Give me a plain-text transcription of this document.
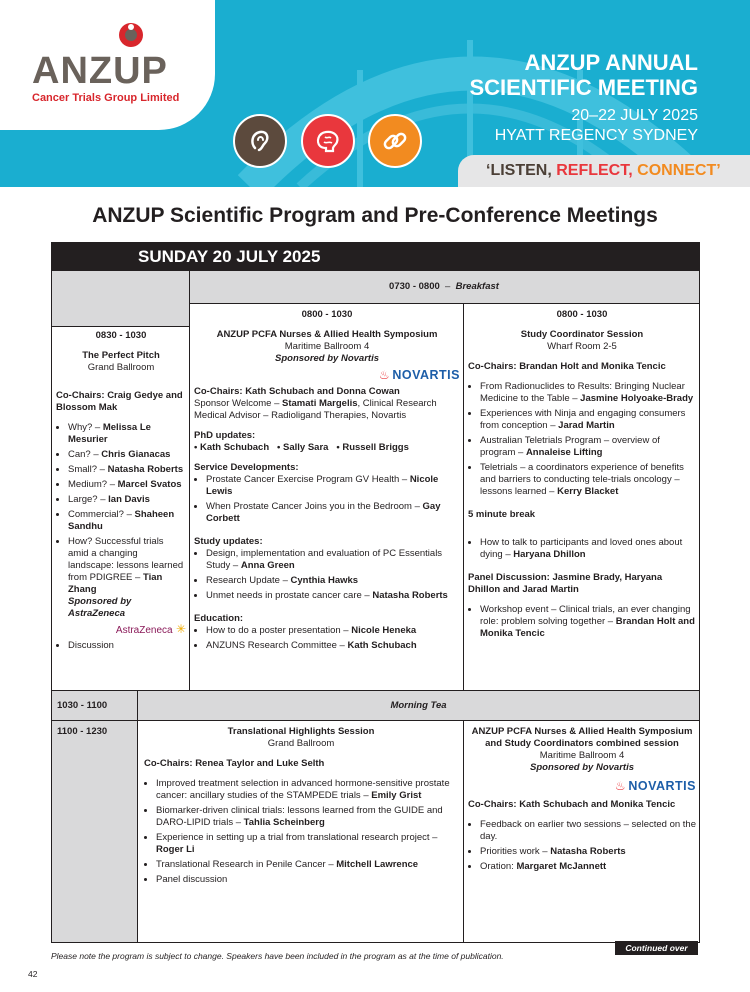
ANZUP
Cancer Trials Group Limited
ANZUP ANNUAL
SCIENTIFIC MEETING
20–22 JULY 2025
HYATT REGENCY SYDNEY
‘LISTEN, REFLECT, CONNECT’
ANZUP Scientific Program and Pre-Conference Meetings
SUNDAY 20 JULY 2025
0730 - 0800 – Breakfast

0830 - 1030

The Perfect Pitch

Grand Ballroom

Co-Chairs: Craig Gedye and Blossom Mak

• Why? – Melissa Le Mesurier
• Can? – Chris Gianacas
• Small? – Natasha Roberts
• Medium? – Marcel Svatos
• Large? – Ian Davis
• Commercial? – Shaheen Sandhu
• How? Successful trials amid a changing landscape: lessons learned from PDIGREE – Tian Zhang
Sponsored by AstraZeneca
AstraZeneca ✳
• Discussion

0800 - 1030

ANZUP PCFA Nurses & Allied Health Symposium

Maritime Ballroom 4

Sponsored by Novartis

♨ NOVARTIS

Co-Chairs: Kath Schubach and Donna Cowan

Sponsor Welcome – Stamati Margelis, Clinical Research Medical Advisor – Radioligand Therapies, Novartis

PhD updates:

• Kath Schubach   • Sally Sara   • Russell Briggs

Service Developments:

• Prostate Cancer Exercise Program GV Health – Nicole Lewis
• When Prostate Cancer Joins you in the Bedroom – Gay Corbett

Study updates:

• Design, implementation and evaluation of PC Essentials Study – Anna Green
• Research Update – Cynthia Hawks
• Unmet needs in prostate cancer care – Natasha Roberts

Education:

• How to do a poster presentation – Nicole Heneka
• ANZUNS Research Committee – Kath Schubach

0800 - 1030

Study Coordinator Session

Wharf Room 2-5

Co-Chairs: Brandan Holt and Monika Tencic

• From Radionuclides to Results: Bringing Nuclear Medicine to the Table – Jasmine Holyoake-Brady
• Experiences with Ninja and engaging consumers from conception – Jarad Martin
• Australian Teletrials Program – overview of program – Annaleise Lifting
• Teletrials – a coordinators experience of benefits and barriers to conducting tele-trials oncology – lessons learned – Kerry Blacket

5 minute break

• How to talk to participants and loved ones about dying – Haryana Dhillon

Panel Discussion: Jasmine Brady, Haryana Dhillon and Jarad Martin

• Workshop event – Clinical trials, an ever changing role: problem solving together – Brandan Holt and Monika Tencic
1030 - 1100	Morning Tea
1100 - 1230	Translational Highlights Session

Grand Ballroom

Co-Chairs: Renea Taylor and Luke Selth

• Improved treatment selection in advanced hormone-sensitive prostate cancer: ancillary studies of the STAMPEDE trials – Emily Grist
• Biomarker-driven clinical trials: lessons learned from the GUIDE and DARO-LIPID trials – Tahlia Scheinberg
• Experience in setting up a trial from translational research project – Roger Li
• Translational Research in Penile Cancer – Mitchell Lawrence
• Panel discussion

ANZUP PCFA Nurses & Allied Health Symposium and Study Coordinators combined session

Maritime Ballroom 4

Sponsored by Novartis

♨ NOVARTIS

Co-Chairs: Kath Schubach and Monika Tencic

• Feedback on earlier two sessions – selected on the day.
• Priorities work – Natasha Roberts
• Oration: Margaret McJannett
Continued over
Please note the program is subject to change. Speakers have been included in the program as at the time of publication.
42
